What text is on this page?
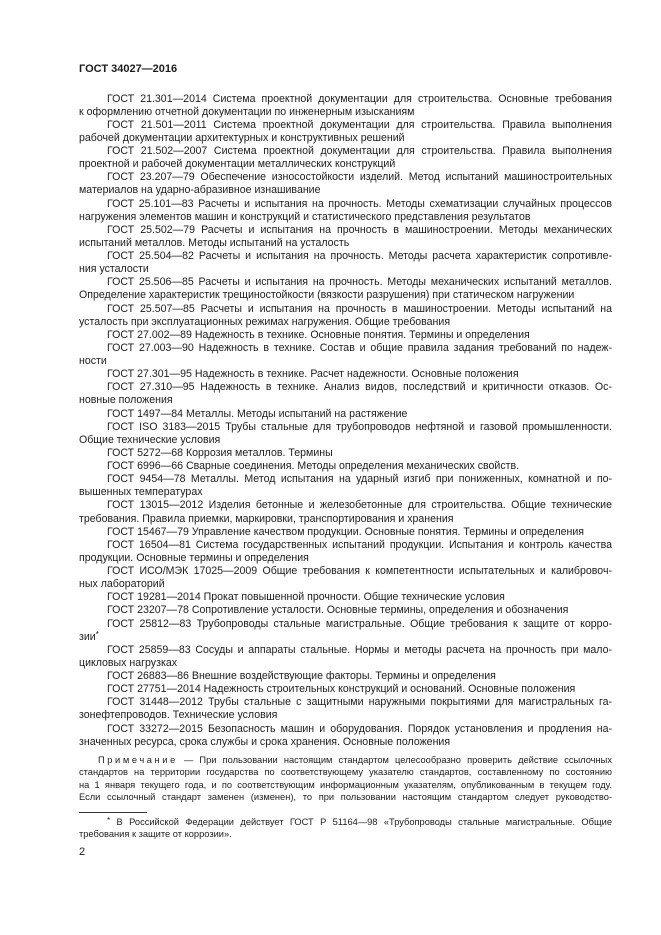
ГОСТ 34027—2016
ГОСТ 21.301—2014 Система проектной документации для строительства. Основные требования
к оформлению отчетной документации по инженерным изысканиям
ГОСТ 21.501—2011 Система проектной документации для строительства. Правила выполнения
рабочей документации архитектурных и конструктивных решений
ГОСТ 21.502—2007 Система проектной документации для строительства. Правила выполнения
проектной и рабочей документации металлических конструкций
ГОСТ 23.207—79 Обеспечение износостойкости изделий. Метод испытаний машиностроительных
материалов на ударно-абразивное изнашивание
ГОСТ 25.101—83 Расчеты и испытания на прочность. Методы схематизации случайных процессов
нагружения элементов машин и конструкций и статистического представления результатов
ГОСТ 25.502—79 Расчеты и испытания на прочность в машиностроении. Методы механических
испытаний металлов. Методы испытаний на усталость
ГОСТ 25.504—82 Расчеты и испытания на прочность. Методы расчета характеристик сопротивле-
ния усталости
ГОСТ 25.506—85 Расчеты и испытания на прочность. Методы механических испытаний металлов.
Определение характеристик трещиностойкости (вязкости разрушения) при статическом нагружении
ГОСТ 25.507—85 Расчеты и испытания на прочность в машиностроении. Методы испытаний на
усталость при эксплуатационных режимах нагружения. Общие требования
ГОСТ 27.002—89 Надежность в технике. Основные понятия. Термины и определения
ГОСТ 27.003—90 Надежность в технике. Состав и общие правила задания требований по надеж-
ности
ГОСТ 27.301—95 Надежность в технике. Расчет надежности. Основные положения
ГОСТ 27.310—95 Надежность в технике. Анализ видов, последствий и критичности отказов. Ос-
новные положения
ГОСТ 1497—84 Металлы. Методы испытаний на растяжение
ГОСТ ISO 3183—2015 Трубы стальные для трубопроводов нефтяной и газовой промышленности.
Общие технические условия
ГОСТ 5272—68 Коррозия металлов. Термины
ГОСТ 6996—66 Сварные соединения. Методы определения механических свойств.
ГОСТ 9454—78 Металлы. Метод испытания на ударный изгиб при пониженных, комнатной и по-
вышенных температурах
ГОСТ 13015—2012 Изделия бетонные и железобетонные для строительства. Общие технические
требования. Правила приемки, маркировки, транспортирования и хранения
ГОСТ 15467—79 Управление качеством продукции. Основные понятия. Термины и определения
ГОСТ 16504—81 Система государственных испытаний продукции. Испытания и контроль качества
продукции. Основные термины и определения
ГОСТ ИСО/МЭК 17025—2009 Общие требования к компетентности испытательных и калибровоч-
ных лабораторий
ГОСТ 19281—2014 Прокат повышенной прочности. Общие технические условия
ГОСТ 23207—78 Сопротивление усталости. Основные термины, определения и обозначения
ГОСТ 25812—83 Трубопроводы стальные магистральные. Общие требования к защите от корро-
зии*
ГОСТ 25859—83 Сосуды и аппараты стальные. Нормы и методы расчета на прочность при мало-
цикловых нагрузках
ГОСТ 26883—86 Внешние воздействующие факторы. Термины и определения
ГОСТ 27751—2014 Надежность строительных конструкций и оснований. Основные положения
ГОСТ 31448—2012 Трубы стальные с защитными наружными покрытиями для магистральных га-
зонефтепроводов. Технические условия
ГОСТ 33272—2015 Безопасность машин и оборудования. Порядок установления и продления на-
значенных ресурса, срока службы и срока хранения. Основные положения
Примечание — При пользовании настоящим стандартом целесообразно проверить действие ссылочных
стандартов на территории государства по соответствующему указателю стандартов, составленному по состоянию
на 1 января текущего года, и по соответствующим информационным указателям, опубликованным в текущем году.
Если ссылочный стандарт заменен (изменен), то при пользовании настоящим стандартом следует руководство-
* В Российской Федерации действует ГОСТ Р 51164—98 «Трубопроводы стальные магистральные. Общие
требования к защите от коррозии».
2
